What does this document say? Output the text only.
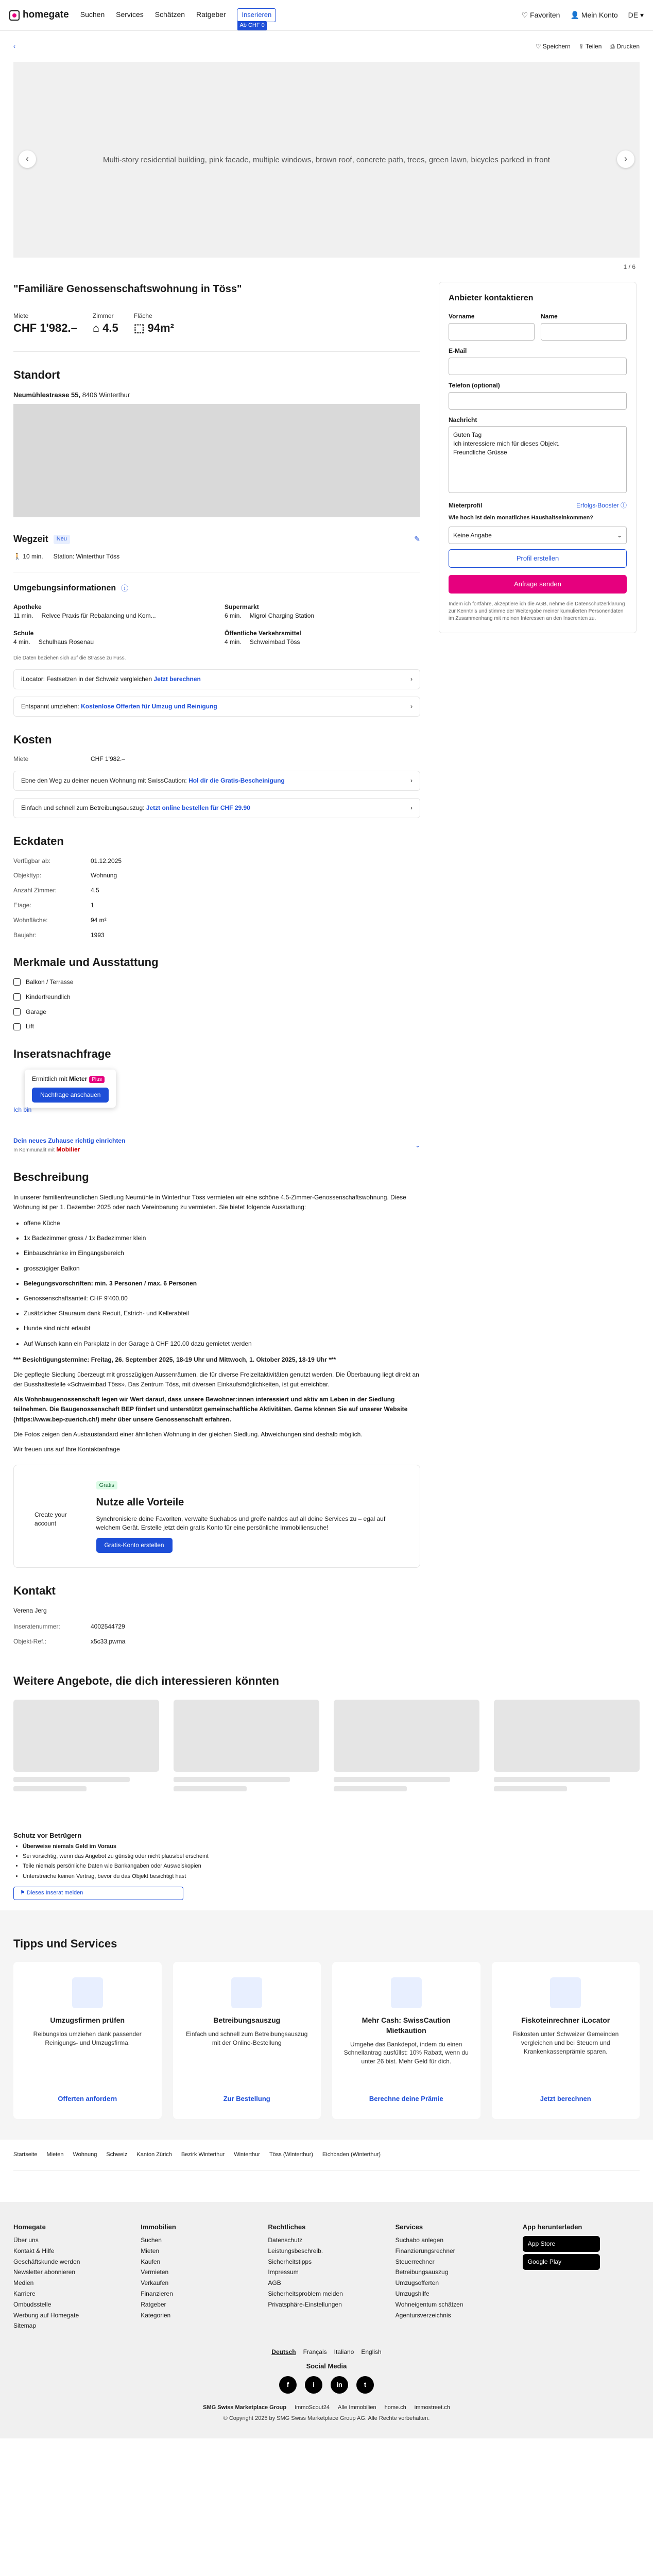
homegate Suchen Services Schätzen Ratgeber Inserieren
Ab CHF 0
♡ Favoriten 👤 Mein Konto DE ▾
‹	♡ Speichern ⇪ Teilen ⎙ Drucken
Multi-story residential building, pink facade, multiple windows, brown roof, concrete path, trees, green lawn, bicycles parked in front
‹	›
1 / 6
"Familiäre Genossenschaftswohnung in Töss"
Miete
CHF 1'982.–
Zimmer
⌂ 4.5
Fläche
⬚ 94m²
Standort
Neumühlestrasse 55, 8406 Winterthur
Wegzeit	Neu	✎
🚶 10 min. Station: Winterthur Töss
Umgebungsinformationen ⓘ
Apotheke
11 min. Relvce Praxis für Rebalancing und Kom...
Supermarkt
6 min. Migrol Charging Station
Schule
4 min. Schulhaus Rosenau
Öffentliche Verkehrsmittel
4 min. Schweimbad Töss
Die Daten beziehen sich auf die Strasse zu Fuss.
iLocator: Festsetzen in der Schweiz vergleichen Jetzt berechnen	›
Entspannt umziehen: Kostenlose Offerten für Umzug und Reinigung	›
Kosten
Miete	CHF 1'982.–
Ebne den Weg zu deiner neuen Wohnung mit SwissCaution: Hol dir die Gratis-Bescheinigung	›
Einfach und schnell zum Betreibungsauszug: Jetzt online bestellen für CHF 29.90	›
Eckdaten
Verfügbar ab:	01.12.2025
Objekttyp:	Wohnung
Anzahl Zimmer:	4.5
Etage:	1
Wohnfläche:	94 m²
Baujahr:	1993
Merkmale und Ausstattung
Balkon / Terrasse
Kinderfreundlich
Garage
Lift
Inseratsnachfrage
Ermittlich mit Mieter Plus
Nachfrage anschauen
Ich bin
Dein neues Zuhause richtig einrichten
In Kommunalit mit Mobilier
⌄
Beschreibung

In unserer familienfreundlichen Siedlung Neumühle in Winterthur Töss vermieten wir eine schöne 4.5-Zimmer-Genossenschaftswohnung. Diese Wohnung ist per 1. Dezember 2025 oder nach Vereinbarung zu vermieten. Sie bietet folgende Ausstattung:

• offene Küche
• 1x Badezimmer gross / 1x Badezimmer klein
• Einbauschränke im Eingangsbereich
• grosszügiger Balkon
• Belegungsvorschriften: min. 3 Personen / max. 6 Personen
• Genossenschaftsanteil: CHF 9'400.00
• Zusätzlicher Stauraum dank Reduit, Estrich- und Kellerabteil
• Hunde sind nicht erlaubt
• Auf Wunsch kann ein Parkplatz in der Garage à CHF 120.00 dazu gemietet werden

*** Besichtigungstermine: Freitag, 26. September 2025, 18-19 Uhr und Mittwoch, 1. Oktober 2025, 18-19 Uhr ***

Die gepflegte Siedlung überzeugt mit grosszügigen Aussenräumen, die für diverse Freizeitaktivitäten genutzt werden. Die Überbauung liegt direkt an der Busshaltestelle «Schweimbad Töss». Das Zentrum Töss, mit diversen Einkaufsmöglichkeiten, ist gut erreichbar.

Als Wohnbaugenossenschaft legen wir Wert darauf, dass unsere Bewohner:innen interessiert und aktiv am Leben in der Siedlung teilnehmen. Die Baugenossenschaft BEP fördert und unterstützt gemeinschaftliche Aktivitäten. Gerne können Sie auf unserer Website (https://www.bep-zuerich.ch/) mehr über unsere Genossenschaft erfahren.

Die Fotos zeigen den Ausbaustandard einer ähnlichen Wohnung in der gleichen Siedlung. Abweichungen sind deshalb möglich.

Wir freuen uns auf Ihre Kontaktanfrage

Create your account
Gratis
Nutze alle Vorteile

Synchronisiere deine Favoriten, verwalte Suchabos und greife nahtlos auf all deine Services zu – egal auf welchem Gerät. Erstelle jetzt dein gratis Konto für eine persönliche Immobiliensuche!

Gratis-Konto erstellen
Kontakt
Verena Jerg
Inseratenummer:	4002544729
Objekt-Ref.:	x5c33.pwma
Anbieter kontaktieren
Vorname	Name
E-Mail
Telefon (optional)
Nachricht
Guten Tag
Ich interessiere mich für dieses Objekt.
Freundliche Grüsse
Mieterprofil	Erfolgs-Booster ⓘ
Wie hoch ist dein monatliches Haushaltseinkommen?
Keine Angabe	⌄
Profil erstellen
Anfrage senden

Indem ich fortfahre, akzeptiere ich die AGB, nehme die Datenschutzerklärung zur Kenntnis und stimme der Weitergabe meiner kumulierten Personendaten im Zusammenhang mit meinen Interessen an den Inserenten zu.

Weitere Angebote, die dich interessieren könnten
Schutz vor Betrügern
• Überweise niemals Geld im Voraus
• Sei vorsichtig, wenn das Angebot zu günstig oder nicht plausibel erscheint
• Teile niemals persönliche Daten wie Bankangaben oder Ausweiskopien
• Unterstreiche keinen Vertrag, bevor du das Objekt besichtigt hast
⚑ Dieses Inserat melden
Tipps und Services
Umzugsfirmen prüfen

Reibungslos umziehen dank passender Reinigungs- und Umzugsfirma.

Offerten anfordern
Betreibungsauszug

Einfach und schnell zum Betreibungsauszug mit der Online-Bestellung

Zur Bestellung
Mehr Cash: SwissCaution Mietkaution

Umgehe das Bankdepot, indem du einen Schnellantrag ausfüllst: 10% Rabatt, wenn du unter 26 bist. Mehr Geld für dich.

Berechne deine Prämie
Fiskoteinrechner iLocator

Fiskosten unter Schweizer Gemeinden vergleichen und bei Steuern und Krankenkassenprämie sparen.

Jetzt berechnen
Startseite Mieten Wohnung Schweiz Kanton Zürich Bezirk Winterthur Winterthur Töss (Winterthur) Eichbaden (Winterthur)
Homegate
Über uns
Kontakt & Hilfe
Geschäftskunde werden
Newsletter abonnieren
Medien
Karriere
Ombudsstelle
Werbung auf Homegate
Sitemap
Immobilien
Suchen
Mieten
Kaufen
Vermieten
Verkaufen
Finanzieren
Ratgeber
Kategorien
Rechtliches
Datenschutz
Leistungsbeschreib.
Sicherheitstipps
Impressum
AGB
Sicherheitsproblem melden
Privatsphäre-Einstellungen
Services
Suchabo anlegen
Finanzierungsrechner
Steuerrechner
Betreibungsauszug
Umzugsofferten
Umzugshilfe
Wohneigentum schätzen
Agentursverzeichnis
App herunterladen
App Store
Google Play
Deutsch Français Italiano English
Social Media
f	i	in	t
SMG Swiss Marketplace Group ImmoScout24 Alle Immobilien home.ch immostreet.ch
© Copyright 2025 by SMG Swiss Marketplace Group AG. Alle Rechte vorbehalten.
